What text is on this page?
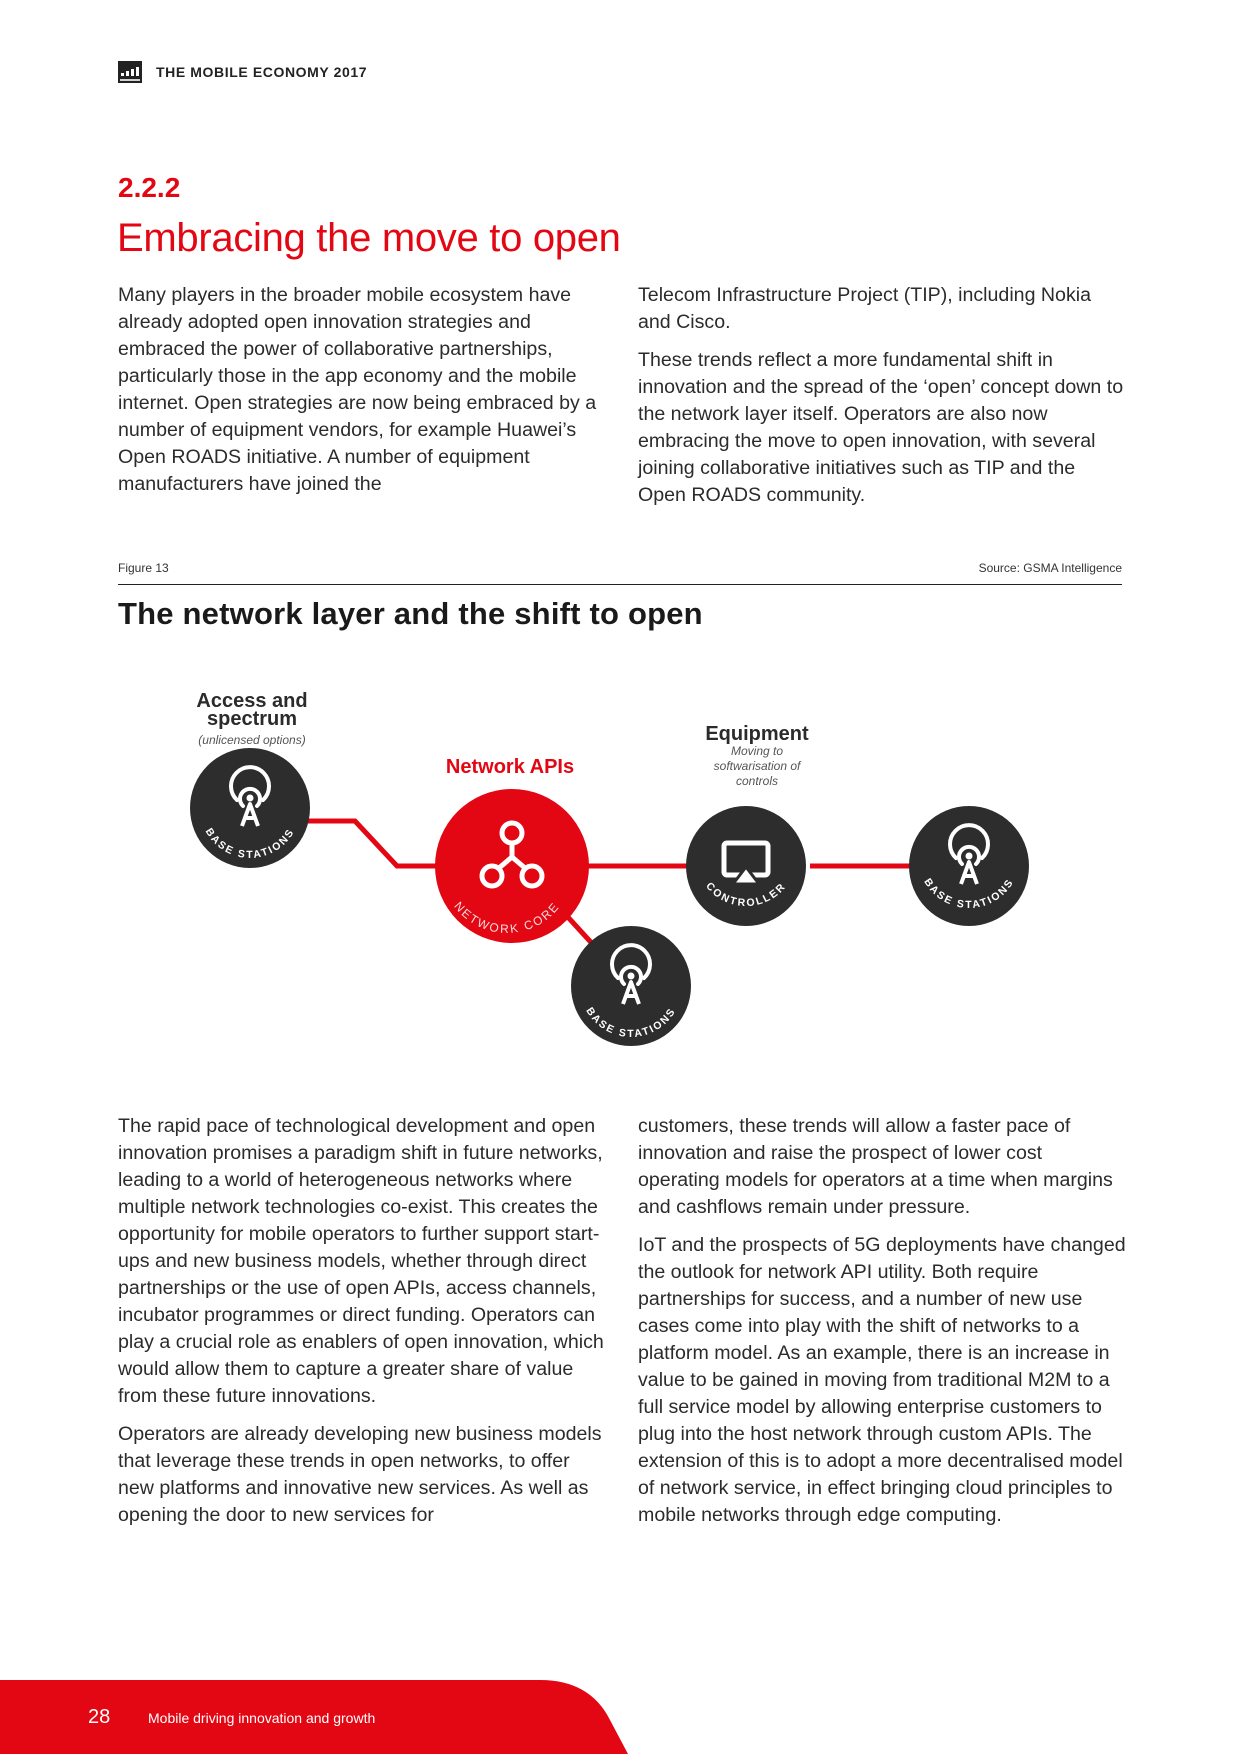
THE MOBILE ECONOMY 2017
2.2.2
Embracing the move to open

Many players in the broader mobile ecosystem have already adopted open innovation strategies and embraced the power of collaborative partnerships, particularly those in the app economy and the mobile internet. Open strategies are now being embraced by a number of equipment vendors, for example Huawei’s Open ROADS initiative. A number of equipment manufacturers have joined the

Telecom Infrastructure Project (TIP), including Nokia and Cisco.

These trends reflect a more fundamental shift in innovation and the spread of the ‘open’ concept down to the network layer itself. Operators are also now embracing the move to open innovation, with several joining collaborative initiatives such as TIP and the Open ROADS community.

Figure 13	Source: GSMA Intelligence
The network layer and the shift to open
Access and
spectrum
(unlicensed options)
Network APIs
Equipment
Moving to
softwarisation of
controls
BASE STATIONS
NETWORK CORE
CONTROLLER	BASE STATIONS
BASE STATIONS

The rapid pace of technological development and open innovation promises a paradigm shift in future networks, leading to a world of heterogeneous networks where multiple network technologies co-exist. This creates the opportunity for mobile operators to further support start-ups and new business models, whether through direct partnerships or the use of open APIs, access channels, incubator programmes or direct funding. Operators can play a crucial role as enablers of open innovation, which would allow them to capture a greater share of value from these future innovations.

Operators are already developing new business models that leverage these trends in open networks, to offer new platforms and innovative new services. As well as opening the door to new services for

customers, these trends will allow a faster pace of innovation and raise the prospect of lower cost operating models for operators at a time when margins and cashflows remain under pressure.

IoT and the prospects of 5G deployments have changed the outlook for network API utility. Both require partnerships for success, and a number of new use cases come into play with the shift of networks to a platform model. As an example, there is an increase in value to be gained in moving from traditional M2M to a full service model by allowing enterprise customers to plug into the host network through custom APIs. The extension of this is to adopt a more decentralised model of network service, in effect bringing cloud principles to mobile networks through edge computing.

28	Mobile driving innovation and growth
